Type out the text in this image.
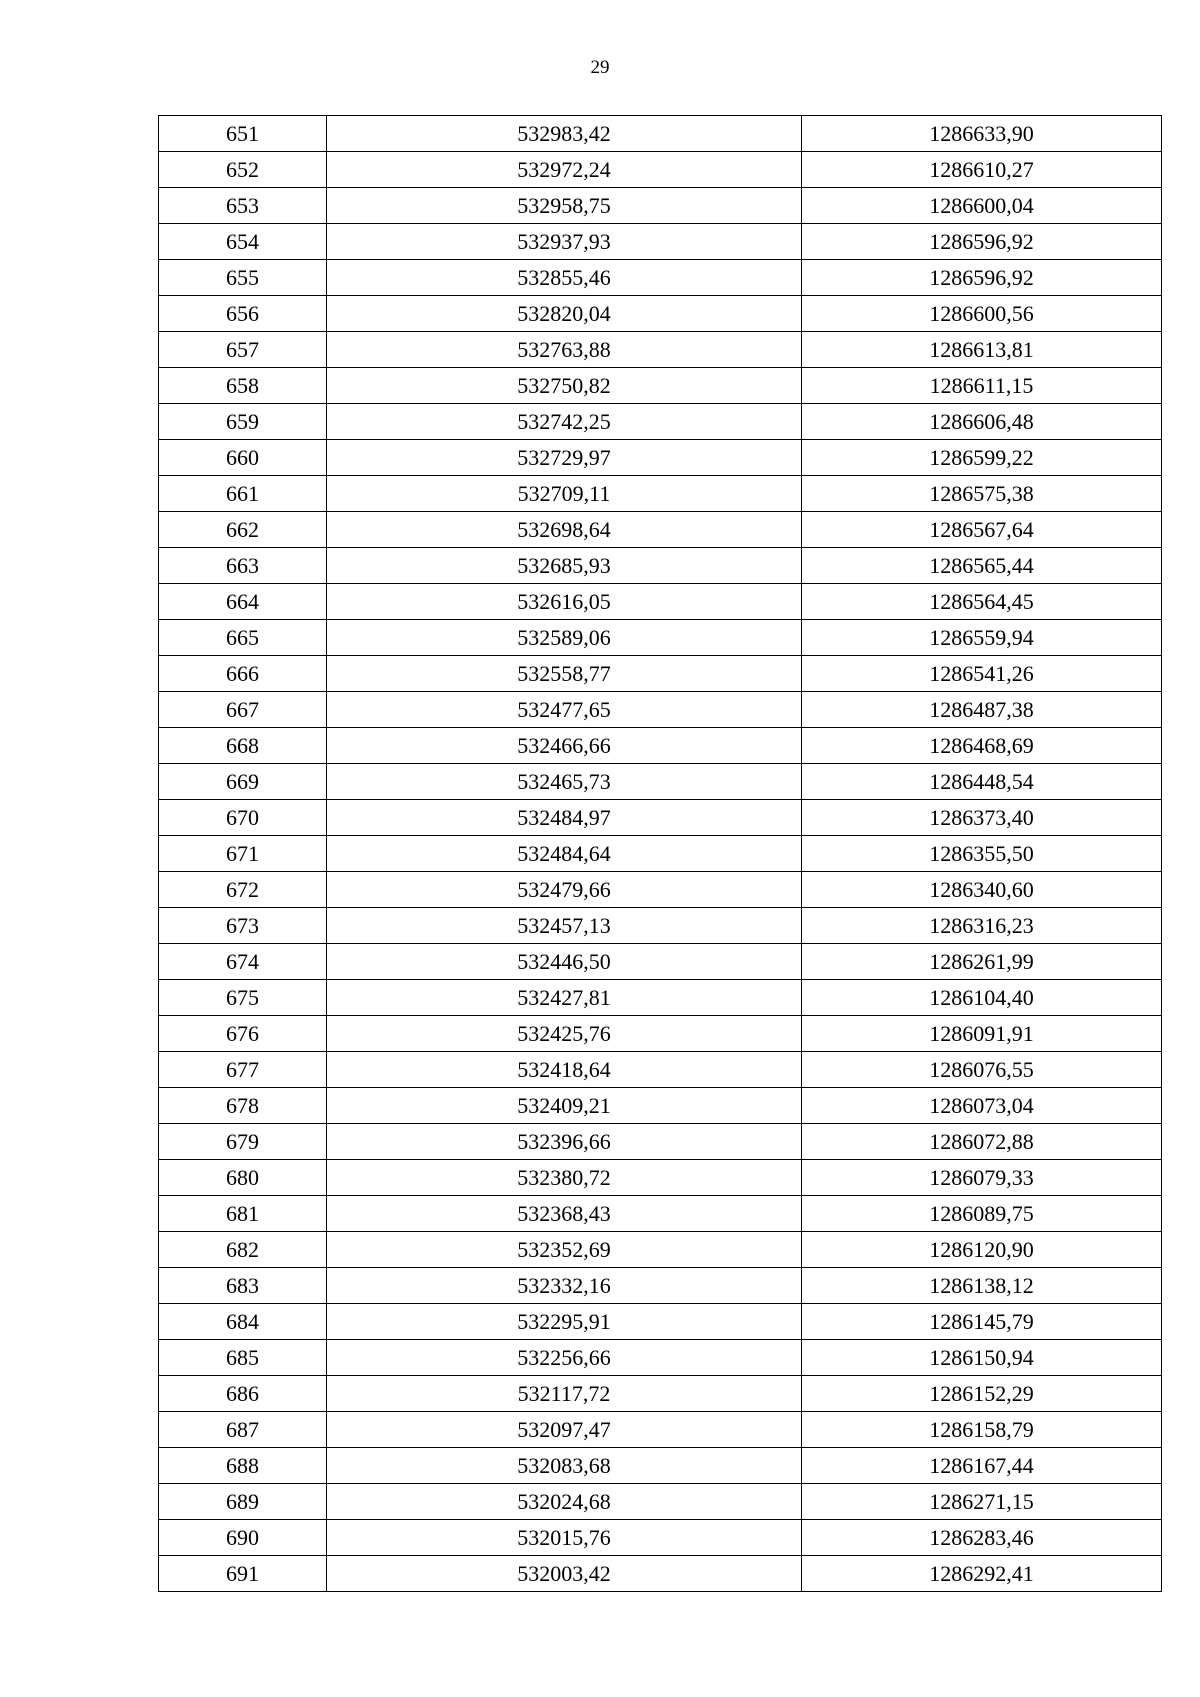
29
651	532983,42	1286633,90
652	532972,24	1286610,27
653	532958,75	1286600,04
654	532937,93	1286596,92
655	532855,46	1286596,92
656	532820,04	1286600,56
657	532763,88	1286613,81
658	532750,82	1286611,15
659	532742,25	1286606,48
660	532729,97	1286599,22
661	532709,11	1286575,38
662	532698,64	1286567,64
663	532685,93	1286565,44
664	532616,05	1286564,45
665	532589,06	1286559,94
666	532558,77	1286541,26
667	532477,65	1286487,38
668	532466,66	1286468,69
669	532465,73	1286448,54
670	532484,97	1286373,40
671	532484,64	1286355,50
672	532479,66	1286340,60
673	532457,13	1286316,23
674	532446,50	1286261,99
675	532427,81	1286104,40
676	532425,76	1286091,91
677	532418,64	1286076,55
678	532409,21	1286073,04
679	532396,66	1286072,88
680	532380,72	1286079,33
681	532368,43	1286089,75
682	532352,69	1286120,90
683	532332,16	1286138,12
684	532295,91	1286145,79
685	532256,66	1286150,94
686	532117,72	1286152,29
687	532097,47	1286158,79
688	532083,68	1286167,44
689	532024,68	1286271,15
690	532015,76	1286283,46
691	532003,42	1286292,41
